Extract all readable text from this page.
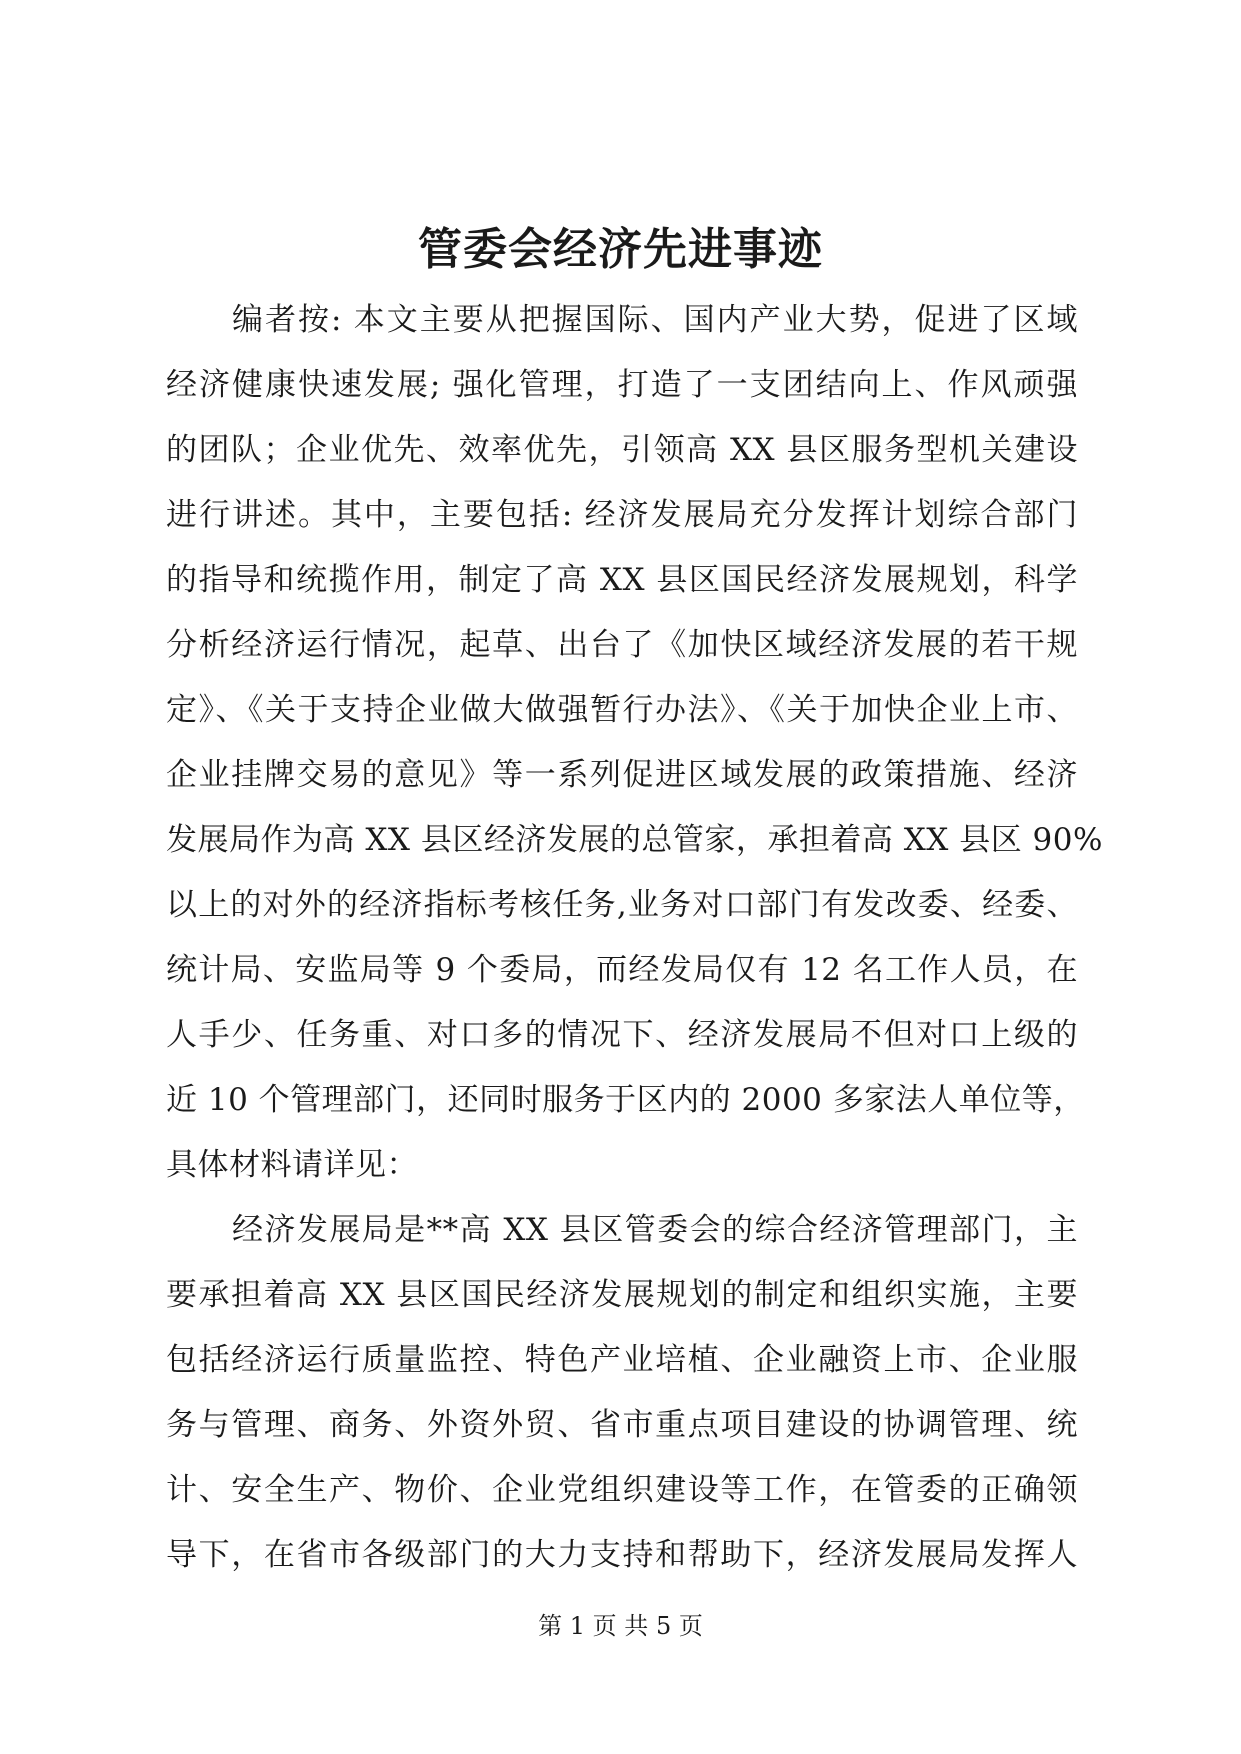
管委会经济先进事迹
编者按: 本文主要从把握国际、国内产业大势，促进了区域
经济健康快速发展; 强化管理，打造了一支团结向上、作风顽强
的团队；企业优先、效率优先，引领高 XX 县区服务型机关建设
进行讲述。其中，主要包括: 经济发展局充分发挥计划综合部门
的指导和统揽作用，制定了高 XX 县区国民经济发展规划，科学
分析经济运行情况，起草、出台了《加快区域经济发展的若干规
定》、《关于支持企业做大做强暂行办法》、《关于加快企业上市、
企业挂牌交易的意见》等一系列促进区域发展的政策措施、经济
发展局作为高 XX 县区经济发展的总管家，承担着高 XX 县区 90%
以上的对外的经济指标考核任务,业务对口部门有发改委、经委、
统计局、安监局等 9 个委局，而经发局仅有 12 名工作人员，在
人手少、任务重、对口多的情况下、经济发展局不但对口上级的
近 10 个管理部门，还同时服务于区内的 2000 多家法人单位等，
具体材料请详见：
经济发展局是**高 XX 县区管委会的综合经济管理部门，主
要承担着高 XX 县区国民经济发展规划的制定和组织实施，主要
包括经济运行质量监控、特色产业培植、企业融资上市、企业服
务与管理、商务、外资外贸、省市重点项目建设的协调管理、统
计、安全生产、物价、企业党组织建设等工作，在管委的正确领
导下，在省市各级部门的大力支持和帮助下，经济发展局发挥人
第 1 页 共 5 页
